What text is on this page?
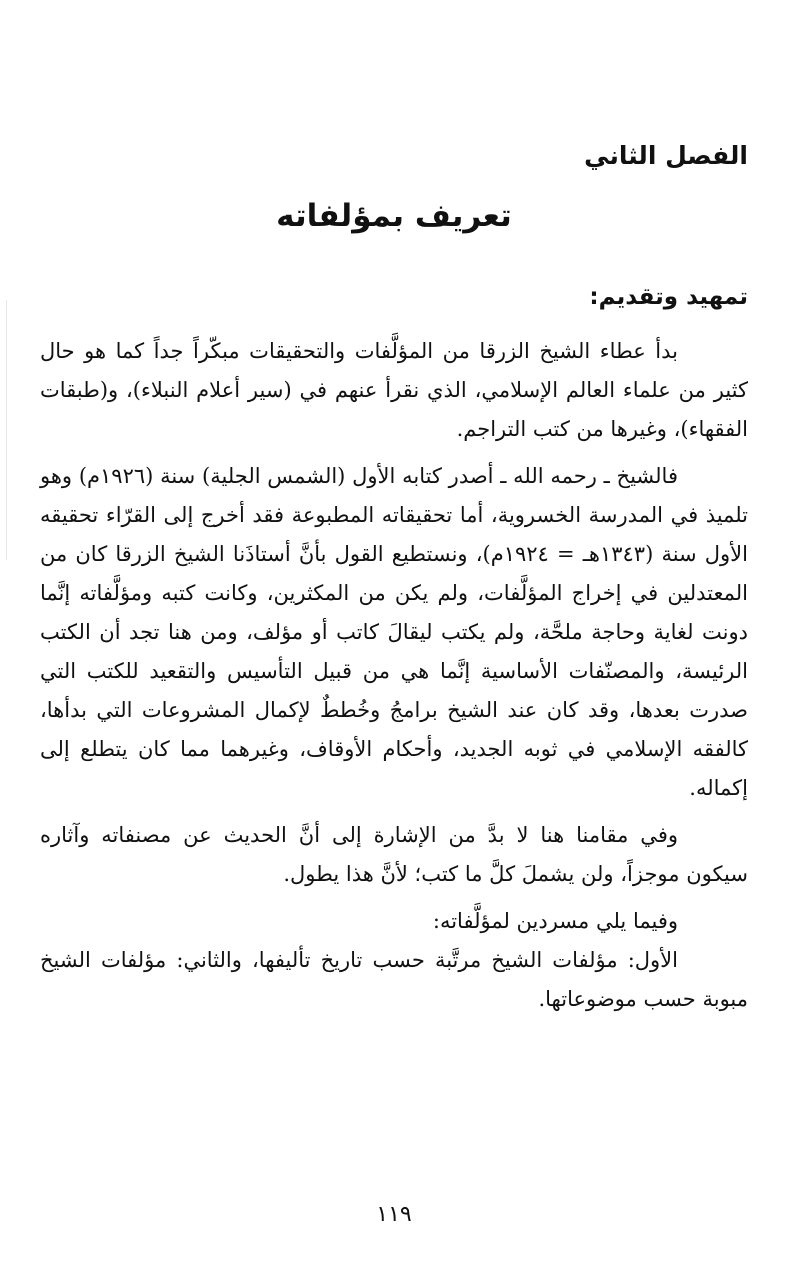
الفصل الثاني
تعريف بمؤلفاته
تمهيد وتقديم:

بدأ عطاء الشيخ الزرقا من المؤلَّفات والتحقيقات مبكّراً جداً كما هو حال كثير من علماء العالم الإسلامي، الذي نقرأ عنهم في (سير أعلام النبلاء)، و(طبقات الفقهاء)، وغيرها من كتب التراجم.

فالشيخ ـ رحمه الله ـ أصدر كتابه الأول (الشمس الجلية) سنة (١٩٢٦م) وهو تلميذ في المدرسة الخسروية، أما تحقيقاته المطبوعة فقد أخرج إلى القرّاء تحقيقه الأول سنة (١٣٤٣هـ = ١٩٢٤م)، ونستطيع القول بأنَّ أستاذَنا الشيخ الزرقا كان من المعتدلين في إخراج المؤلَّفات، ولم يكن من المكثرين، وكانت كتبه ومؤلَّفاته إنَّما دونت لغاية وحاجة ملحَّة، ولم يكتب ليقالَ كاتب أو مؤلف، ومن هنا تجد أن الكتب الرئيسة، والمصنّفات الأساسية إنَّما هي من قبيل التأسيس والتقعيد للكتب التي صدرت بعدها، وقد كان عند الشيخ برامجُ وخُططٌ لإكمال المشروعات التي بدأها، كالفقه الإسلامي في ثوبه الجديد، وأحكام الأوقاف، وغيرهما مما كان يتطلع إلى إكماله.

وفي مقامنا هنا لا بدَّ من الإشارة إلى أنَّ الحديث عن مصنفاته وآثاره سيكون موجزاً، ولن يشملَ كلَّ ما كتب؛ لأنَّ هذا يطول.

وفيما يلي مسردين لمؤلَّفاته:

الأول: مؤلفات الشيخ مرتَّبة حسب تاريخ تأليفها، والثاني: مؤلفات الشيخ مبوبة حسب موضوعاتها.

١١٩
